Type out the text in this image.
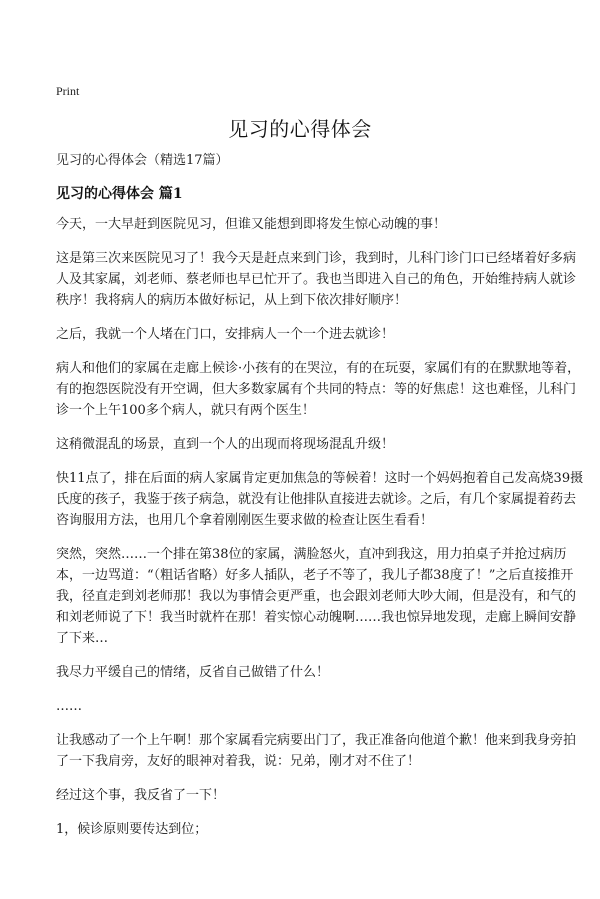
Print
见习的心得体会
见习的心得体会（精选17篇）
见习的心得体会 篇1

今天，一大早赶到医院见习，但谁又能想到即将发生惊心动魄的事！

这是第三次来医院见习了！我今天是赶点来到门诊，我到时，儿科门诊门口已经堵着好多病人及其家属，刘老师、蔡老师也早已忙开了。我也当即进入自己的角色，开始维持病人就诊秩序！我将病人的病历本做好标记，从上到下依次排好顺序！

之后，我就一个人堵在门口，安排病人一个一个进去就诊！

病人和他们的家属在走廊上候诊·小孩有的在哭泣，有的在玩耍，家属们有的在默默地等着，有的抱怨医院没有开空调，但大多数家属有个共同的特点：等的好焦虑！这也难怪，儿科门诊一个上午100多个病人，就只有两个医生！

这稍微混乱的场景，直到一个人的出现而将现场混乱升级！

快11点了，排在后面的病人家属肯定更加焦急的等候着！这时一个妈妈抱着自己发高烧39摄氏度的孩子，我鉴于孩子病急，就没有让他排队直接进去就诊。之后，有几个家属提着药去咨询服用方法，也用几个拿着刚刚医生要求做的检查让医生看看！

突然，突然……一个排在第38位的家属，满脸怒火，直冲到我这，用力拍桌子并抢过病历本，一边骂道：“（粗话省略）好多人插队，老子不等了，我儿子都38度了！”之后直接推开我，径直走到刘老师那！我以为事情会更严重，也会跟刘老师大吵大闹，但是没有，和气的和刘老师说了下！我当时就杵在那！着实惊心动魄啊……我也惊异地发现，走廊上瞬间安静了下来…

我尽力平缓自己的情绪，反省自己做错了什么！

……

让我感动了一个上午啊！那个家属看完病要出门了，我正准备向他道个歉！他来到我身旁拍了一下我肩旁，友好的眼神对着我，说：兄弟，刚才对不住了！

经过这个事，我反省了一下！

1，候诊原则要传达到位；
